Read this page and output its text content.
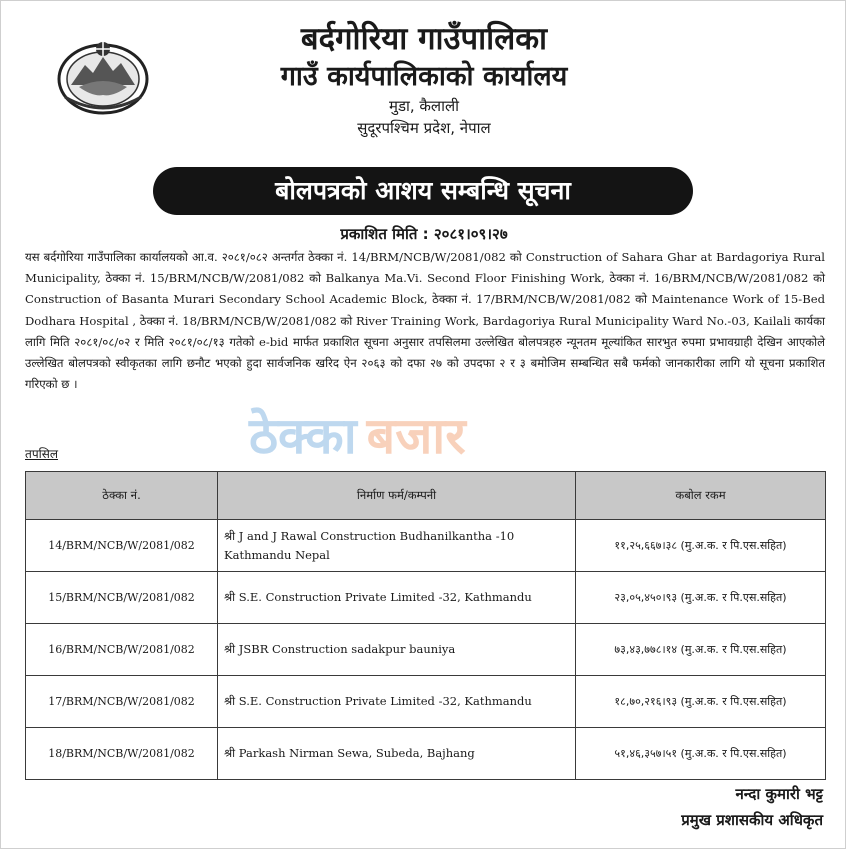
बर्दगोरिया गाउँपालिका

गाउँ कार्यपालिकाको कार्यालय

मुडा, कैलाली

सुदूरपश्चिम प्रदेश, नेपाल

बोलपत्रको आशय सम्बन्धि सूचना
प्रकाशित मिति : २०८१।०९।२७

यस बर्दगोरिया गाउँपालिका कार्यालयको आ.व. २०८१/०८२ अन्तर्गत ठेक्का नं. 14/BRM/NCB/W/2081/082 को Construction of Sahara Ghar at Bardagoriya Rural Municipality, ठेक्का नं. 15/BRM/NCB/W/2081/082 को Balkanya Ma.Vi. Second Floor Finishing Work, ठेक्का नं. 16/BRM/NCB/W/2081/082 को Construction of Basanta Murari Secondary School Academic Block, ठेक्का नं. 17/BRM/NCB/W/2081/082 को Maintenance Work of 15-Bed Dodhara Hospital , ठेक्का नं. 18/BRM/NCB/W/2081/082 को River Training Work, Bardagoriya Rural Municipality Ward No.-03, Kailali कार्यका लागि मिति २०८१/०८/०२ र मिति २०८१/०८/१३ गतेको e-bid मार्फत प्रकाशित सूचना अनुसार तपसिलमा उल्लेखित बोलपत्रहरु न्यूनतम मूल्यांकित सारभुत रुपमा प्रभावग्राही देखिन आएकोले उल्लेखित बोलपत्रको स्वीकृतका लागि छनौट भएको हुदा सार्वजनिक खरिद ऐन २०६३ को दफा २७ को उपदफा २ र ३ बमोजिम सम्बन्धित सबै फर्मको जानकारीका लागि यो सूचना प्रकाशित गरिएको छ ।

ठेक्का बजार
तपसिल
ठेक्का नं.	निर्माण फर्म/कम्पनी	कबोल रकम
14/BRM/NCB/W/2081/082	श्री J and J Rawal Construction Budhanilkantha -10 Kathmandu Nepal	११,२५,६६७।३८ (मु.अ.क. र पि.एस.सहित)
15/BRM/NCB/W/2081/082	श्री S.E. Construction Private Limited -32, Kathmandu	२३,०५,४५०।९३ (मु.अ.क. र पि.एस.सहित)
16/BRM/NCB/W/2081/082	श्री JSBR Construction sadakpur bauniya	७३,४३,७७८।१४ (मु.अ.क. र पि.एस.सहित)
17/BRM/NCB/W/2081/082	श्री S.E. Construction Private Limited -32, Kathmandu	१८,७०,२१६।९३ (मु.अ.क. र पि.एस.सहित)
18/BRM/NCB/W/2081/082	श्री Parkash Nirman Sewa, Subeda, Bajhang	५१,४६,३५७।५१ (मु.अ.क. र पि.एस.सहित)
नन्दा कुमारी भट्ट
प्रमुख प्रशासकीय अधिकृत
